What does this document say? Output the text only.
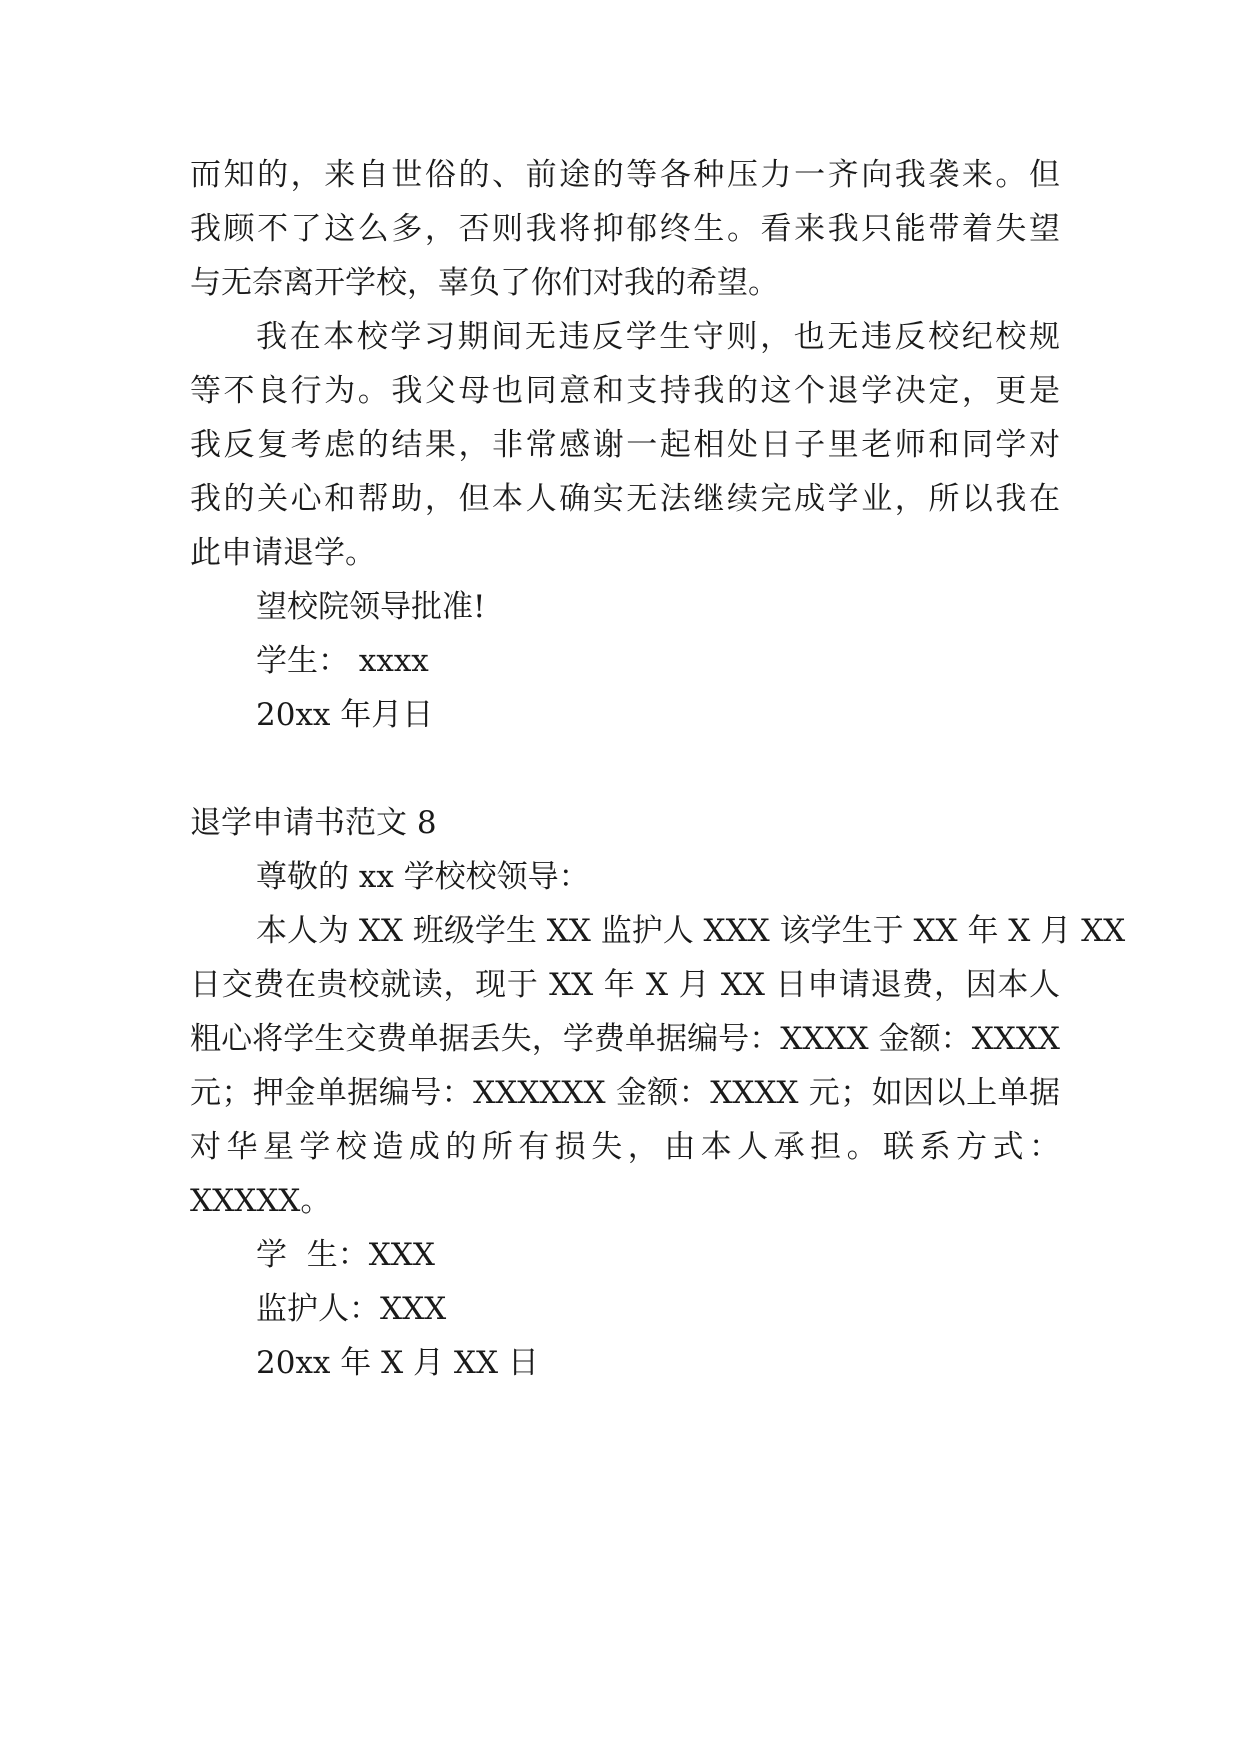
而知的，来自世俗的、前途的等各种压力一齐向我袭来。但
我顾不了这么多，否则我将抑郁终生。看来我只能带着失望
与无奈离开学校，辜负了你们对我的希望。
我在本校学习期间无违反学生守则，也无违反校纪校规
等不良行为。我父母也同意和支持我的这个退学决定，更是
我反复考虑的结果，非常感谢一起相处日子里老师和同学对
我的关心和帮助，但本人确实无法继续完成学业，所以我在
此申请退学。
望校院领导批准!
学生： xxxx
20xx 年月日
退学申请书范文 8
尊敬的 xx 学校校领导：
本人为 XX 班级学生 XX 监护人 XXX 该学生于 XX 年 X 月 XX
日交费在贵校就读，现于 XX 年 X 月 XX 日申请退费，因本人
粗心将学生交费单据丢失，学费单据编号：XXXX 金额：XXXX
元；押金单据编号：XXXXXX 金额：XXXX 元；如因以上单据
对华星学校造成的所有损失，由本人承担。联系方式：
XXXXX。
学  生：XXX
监护人：XXX
20xx 年 X 月 XX 日
